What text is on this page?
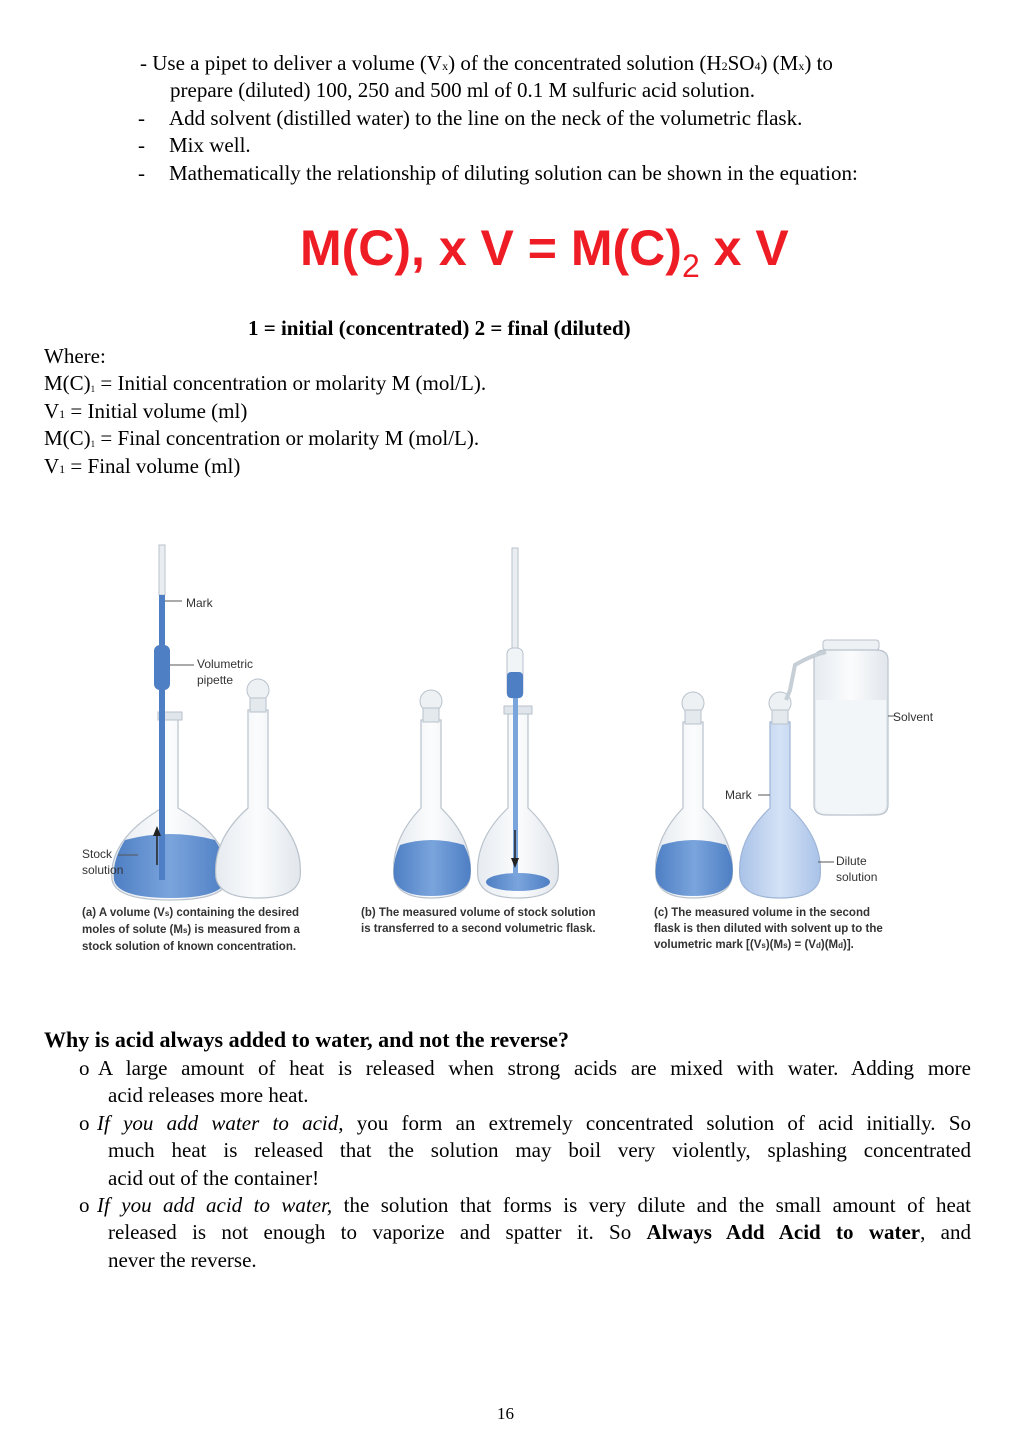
- Use a pipet to deliver a volume (Vx) of the concentrated solution (H2SO4) (Mx) to
prepare (diluted) 100, 250 and 500 ml of 0.1 M sulfuric acid solution.
- Add solvent (distilled water) to the line on the neck of the volumetric flask.
- Mix well.
- Mathematically the relationship of diluting solution can be shown in the equation:
M(C), x $V = M(C)_2$ x V
1 = initial (concentrated) 2 = final (diluted)
Where:
M(C)1 = Initial concentration or molarity M (mol/L).
V1 = Initial volume (ml)
M(C)1 = Final concentration or molarity M (mol/L).
V1 = Final volume (ml)
Mark
Volumetric
pipette
Stock
solution
Solvent
Mark
Dilute
solution
(a) A volume (Vs) containing the desired
moles of solute (Ms) is measured from a
stock solution of known concentration.
(b) The measured volume of stock solution
is transferred to a second volumetric flask.
(c) The measured volume in the second
flask is then diluted with solvent up to the
volumetric mark [(Vs)(Ms) = (Vd)(Md)].
Why is acid always added to water, and not the reverse?
o A large amount of heat is released when strong acids are mixed with water. Adding more
acid releases more heat.
o If you add water to acid, you form an extremely concentrated solution of acid initially. So
much heat is released that the solution may boil very violently, splashing concentrated
acid out of the container!
o If you add acid to water, the solution that forms is very dilute and the small amount of heat
released is not enough to vaporize and spatter it. So Always Add Acid to water, and
never the reverse.
16
